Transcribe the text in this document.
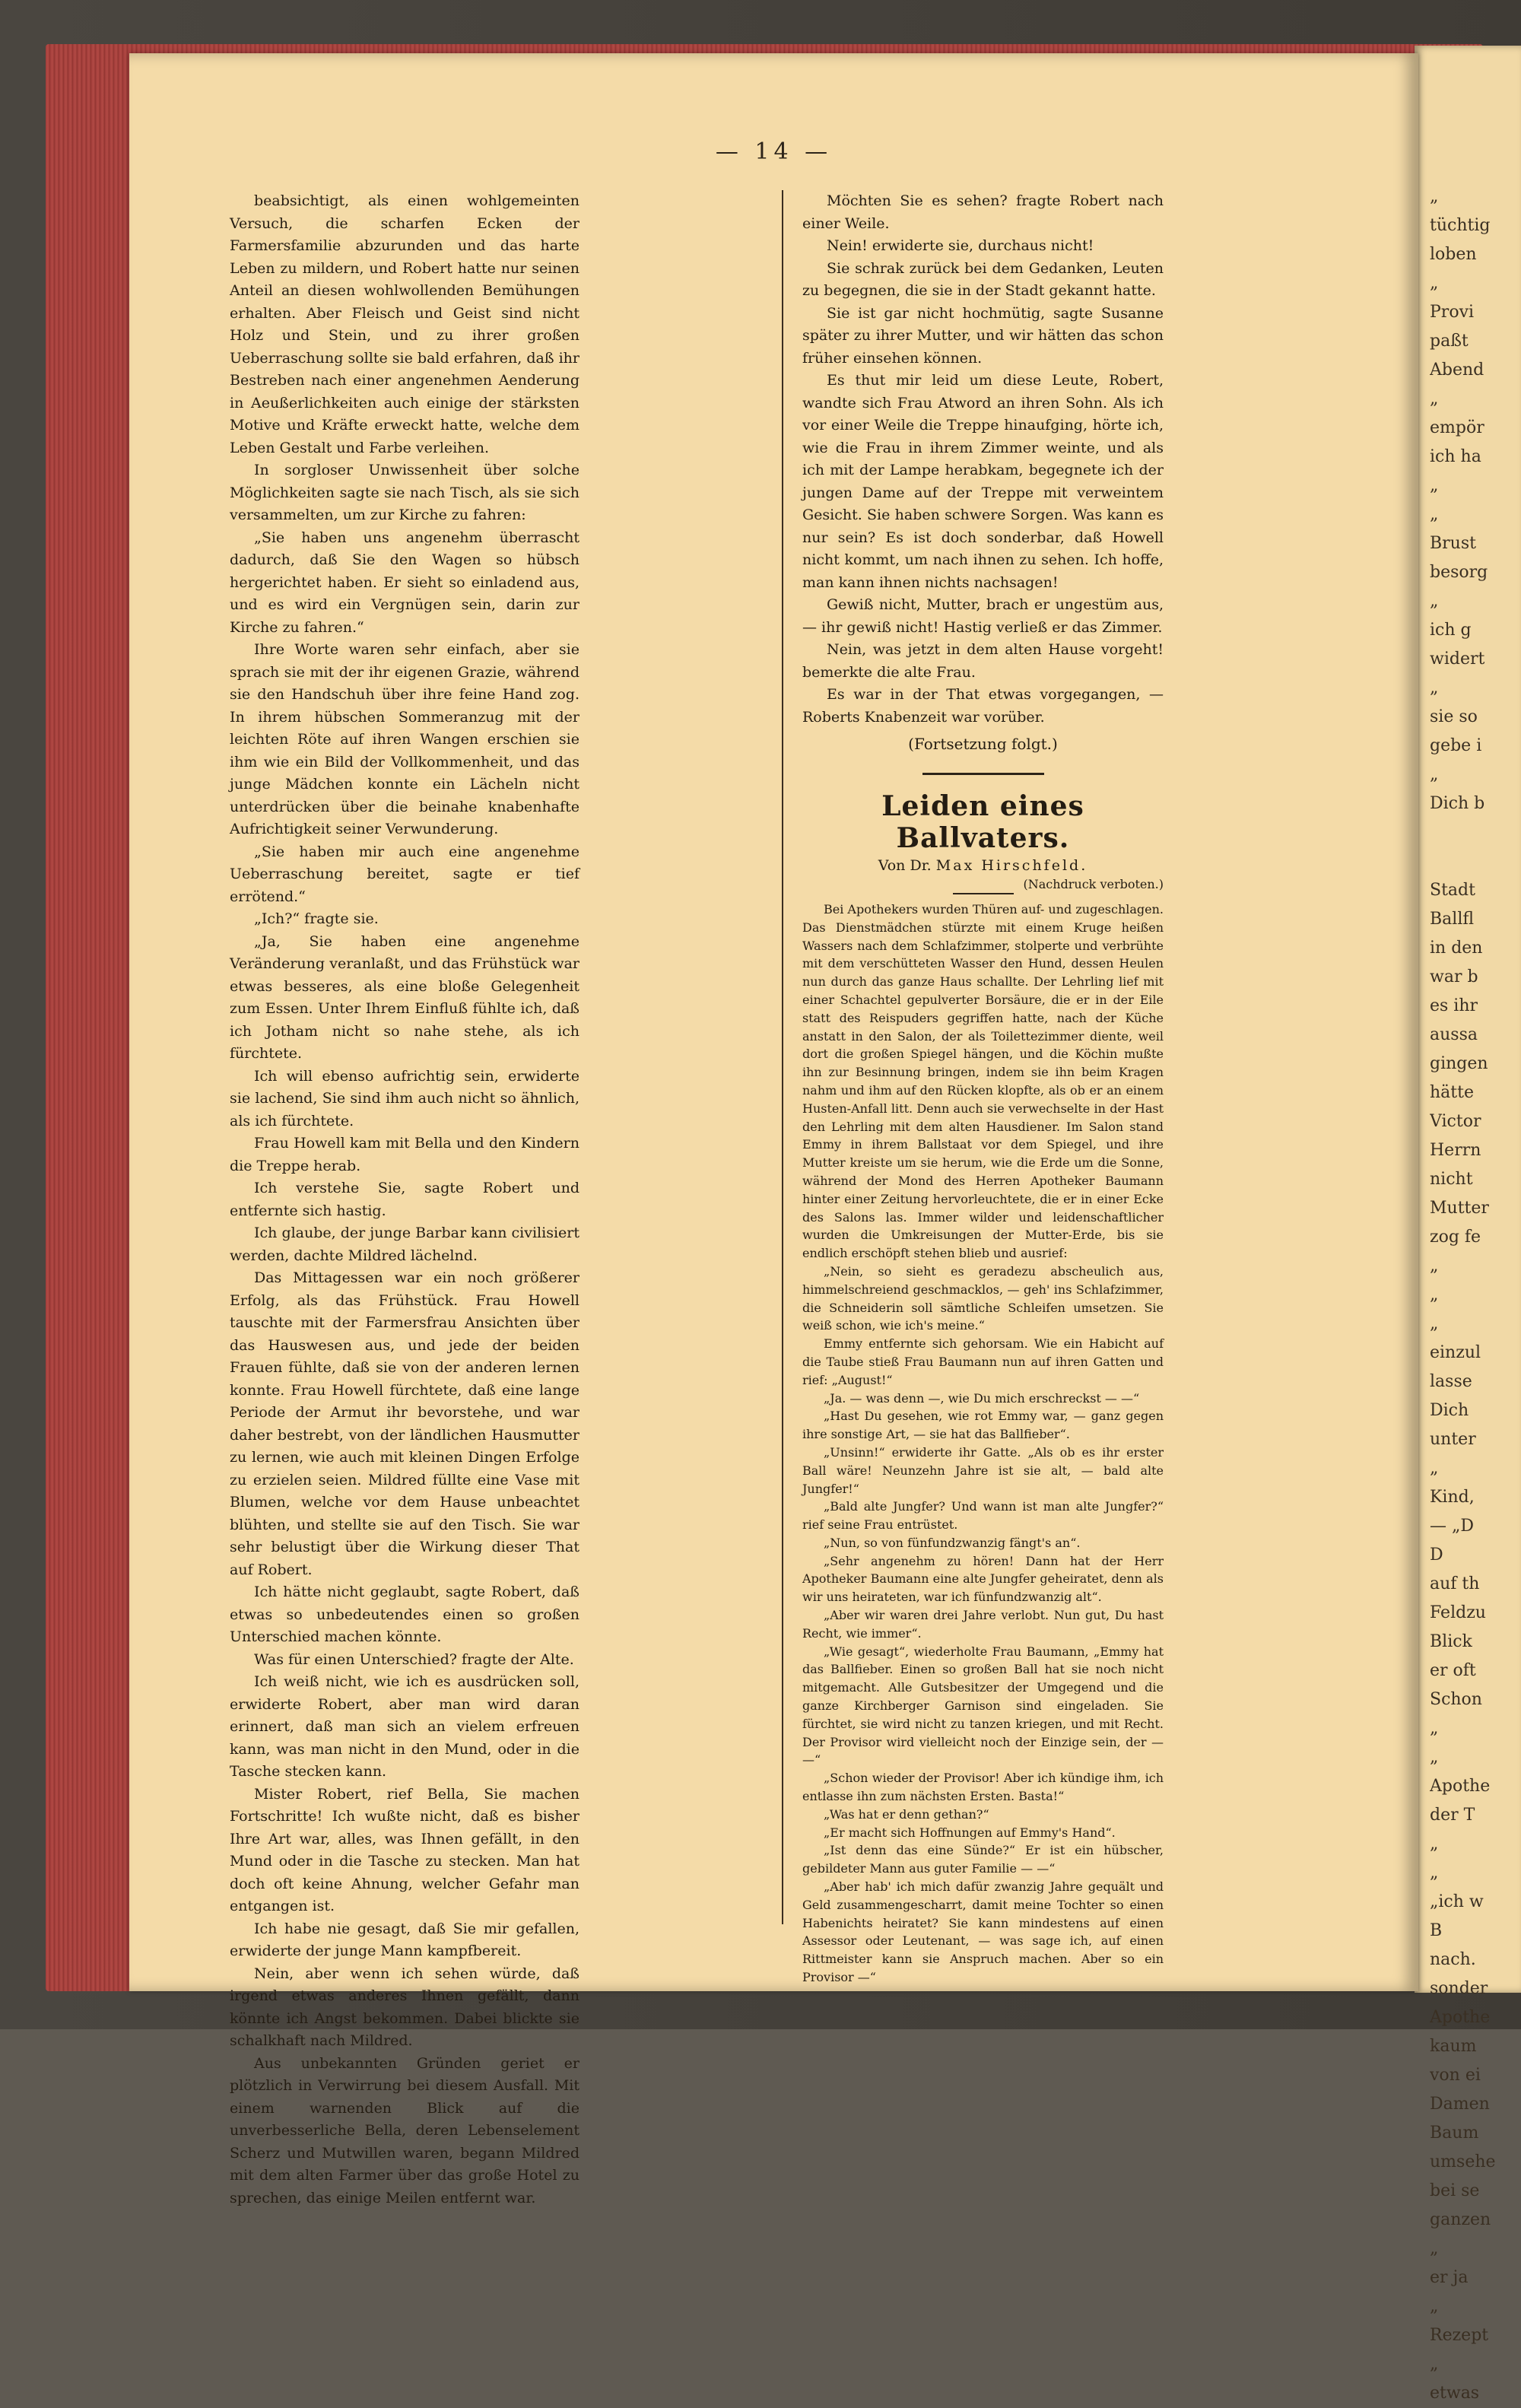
„
tüchtig
loben
„
Provi
paßt
Abend
„
empör
ich ha
„
„
Brust
besorg
„
ich g
widert
„
sie so
gebe i
„
Dich b

Stadt
Ballfl
in den
war b
es ihr
aussa
gingen
hätte
Victor
Herrn
nicht
Mutter
zog fe
„
„
„
einzul
lasse
Dich
unter
„
Kind,
— „D
D
auf th
Feldzu
Blick
er oft
Schon
„
„
Apothe
der T
„
„
„ich w
B
nach.
sonder
Apothe
kaum
von ei
Damen
Baum
umsehe
bei se
ganzen
„
er ja
„
Rezept
„
etwas
— 14 —

beabsichtigt, als einen wohlgemeinten Versuch, die scharfen Ecken der Farmersfamilie abzurunden und das harte Leben zu mildern, und Robert hatte nur seinen Anteil an diesen wohlwollenden Bemühungen erhalten. Aber Fleisch und Geist sind nicht Holz und Stein, und zu ihrer großen Ueberraschung sollte sie bald erfahren, daß ihr Bestreben nach einer angenehmen Aenderung in Aeußerlichkeiten auch einige der stärksten Motive und Kräfte erweckt hatte, welche dem Leben Gestalt und Farbe verleihen.

In sorgloser Unwissenheit über solche Möglichkeiten sagte sie nach Tisch, als sie sich versammelten, um zur Kirche zu fahren:

„Sie haben uns angenehm überrascht dadurch, daß Sie den Wagen so hübsch hergerichtet haben. Er sieht so einladend aus, und es wird ein Vergnügen sein, darin zur Kirche zu fahren.“

Ihre Worte waren sehr einfach, aber sie sprach sie mit der ihr eigenen Grazie, während sie den Handschuh über ihre feine Hand zog. In ihrem hübschen Sommeranzug mit der leichten Röte auf ihren Wangen erschien sie ihm wie ein Bild der Vollkommenheit, und das junge Mädchen konnte ein Lächeln nicht unterdrücken über die beinahe knabenhafte Aufrichtigkeit seiner Verwunderung.

„Sie haben mir auch eine angenehme Ueberraschung bereitet, sagte er tief errötend.“

„Ich?“ fragte sie.

„Ja, Sie haben eine angenehme Veränderung veranlaßt, und das Frühstück war etwas besseres, als eine bloße Gelegenheit zum Essen. Unter Ihrem Einfluß fühlte ich, daß ich Jotham nicht so nahe stehe, als ich fürchtete.

Ich will ebenso aufrichtig sein, erwiderte sie lachend, Sie sind ihm auch nicht so ähnlich, als ich fürchtete.

Frau Howell kam mit Bella und den Kindern die Treppe herab.

Ich verstehe Sie, sagte Robert und entfernte sich hastig.

Ich glaube, der junge Barbar kann civilisiert werden, dachte Mildred lächelnd.

Das Mittagessen war ein noch größerer Erfolg, als das Frühstück. Frau Howell tauschte mit der Farmersfrau Ansichten über das Hauswesen aus, und jede der beiden Frauen fühlte, daß sie von der anderen lernen konnte. Frau Howell fürchtete, daß eine lange Periode der Armut ihr bevorstehe, und war daher bestrebt, von der ländlichen Hausmutter zu lernen, wie auch mit kleinen Dingen Erfolge zu erzielen seien. Mildred füllte eine Vase mit Blumen, welche vor dem Hause unbeachtet blühten, und stellte sie auf den Tisch. Sie war sehr belustigt über die Wirkung dieser That auf Robert.

Ich hätte nicht geglaubt, sagte Robert, daß etwas so unbedeutendes einen so großen Unterschied machen könnte.

Was für einen Unterschied? fragte der Alte.

Ich weiß nicht, wie ich es ausdrücken soll, erwiderte Robert, aber man wird daran erinnert, daß man sich an vielem erfreuen kann, was man nicht in den Mund, oder in die Tasche stecken kann.

Mister Robert, rief Bella, Sie machen Fortschritte! Ich wußte nicht, daß es bisher Ihre Art war, alles, was Ihnen gefällt, in den Mund oder in die Tasche zu stecken. Man hat doch oft keine Ahnung, welcher Gefahr man entgangen ist.

Ich habe nie gesagt, daß Sie mir gefallen, erwiderte der junge Mann kampfbereit.

Nein, aber wenn ich sehen würde, daß irgend etwas anderes Ihnen gefällt, dann könnte ich Angst bekommen. Dabei blickte sie schalkhaft nach Mildred.

Aus unbekannten Gründen geriet er plötzlich in Verwirrung bei diesem Ausfall. Mit einem warnenden Blick auf die unverbesserliche Bella, deren Lebenselement Scherz und Mutwillen waren, begann Mildred mit dem alten Farmer über das große Hotel zu sprechen, das einige Meilen entfernt war.

Möchten Sie es sehen? fragte Robert nach einer Weile.

Nein! erwiderte sie, durchaus nicht!

Sie schrak zurück bei dem Gedanken, Leuten zu begegnen, die sie in der Stadt gekannt hatte.

Sie ist gar nicht hochmütig, sagte Susanne später zu ihrer Mutter, und wir hätten das schon früher einsehen können.

Es thut mir leid um diese Leute, Robert, wandte sich Frau Atword an ihren Sohn. Als ich vor einer Weile die Treppe hinaufging, hörte ich, wie die Frau in ihrem Zimmer weinte, und als ich mit der Lampe herabkam, begegnete ich der jungen Dame auf der Treppe mit verweintem Gesicht. Sie haben schwere Sorgen. Was kann es nur sein? Es ist doch sonderbar, daß Howell nicht kommt, um nach ihnen zu sehen. Ich hoffe, man kann ihnen nichts nachsagen!

Gewiß nicht, Mutter, brach er ungestüm aus, — ihr gewiß nicht! Hastig verließ er das Zimmer.

Nein, was jetzt in dem alten Hause vorgeht! bemerkte die alte Frau.

Es war in der That etwas vorgegangen, — Roberts Knabenzeit war vorüber.

(Fortsetzung folgt.)

Leiden eines Ballvaters.

Von Dr. Max Hirschfeld.

(Nachdruck verboten.)

Bei Apothekers wurden Thüren auf- und zugeschlagen. Das Dienstmädchen stürzte mit einem Kruge heißen Wassers nach dem Schlafzimmer, stolperte und verbrühte mit dem verschütteten Wasser den Hund, dessen Heulen nun durch das ganze Haus schallte. Der Lehrling lief mit einer Schachtel gepulverter Borsäure, die er in der Eile statt des Reispuders gegriffen hatte, nach der Küche anstatt in den Salon, der als Toilettezimmer diente, weil dort die großen Spiegel hängen, und die Köchin mußte ihn zur Besinnung bringen, indem sie ihn beim Kragen nahm und ihm auf den Rücken klopfte, als ob er an einem Husten-Anfall litt. Denn auch sie verwechselte in der Hast den Lehrling mit dem alten Hausdiener. Im Salon stand Emmy in ihrem Ballstaat vor dem Spiegel, und ihre Mutter kreiste um sie herum, wie die Erde um die Sonne, während der Mond des Herren Apotheker Baumann hinter einer Zeitung hervorleuchtete, die er in einer Ecke des Salons las. Immer wilder und leidenschaftlicher wurden die Umkreisungen der Mutter-Erde, bis sie endlich erschöpft stehen blieb und ausrief:

„Nein, so sieht es geradezu abscheulich aus, himmelschreiend geschmacklos, — geh' ins Schlafzimmer, die Schneiderin soll sämtliche Schleifen umsetzen. Sie weiß schon, wie ich's meine.“

Emmy entfernte sich gehorsam. Wie ein Habicht auf die Taube stieß Frau Baumann nun auf ihren Gatten und rief: „August!“

„Ja. — was denn —, wie Du mich erschreckst — —“

„Hast Du gesehen, wie rot Emmy war, — ganz gegen ihre sonstige Art, — sie hat das Ballfieber“.

„Unsinn!“ erwiderte ihr Gatte. „Als ob es ihr erster Ball wäre! Neunzehn Jahre ist sie alt, — bald alte Jungfer!“

„Bald alte Jungfer? Und wann ist man alte Jungfer?“ rief seine Frau entrüstet.

„Nun, so von fünfundzwanzig fängt's an“.

„Sehr angenehm zu hören! Dann hat der Herr Apotheker Baumann eine alte Jungfer geheiratet, denn als wir uns heirateten, war ich fünfundzwanzig alt“.

„Aber wir waren drei Jahre verlobt. Nun gut, Du hast Recht, wie immer“.

„Wie gesagt“, wiederholte Frau Baumann, „Emmy hat das Ballfieber. Einen so großen Ball hat sie noch nicht mitgemacht. Alle Gutsbesitzer der Umgegend und die ganze Kirchberger Garnison sind eingeladen. Sie fürchtet, sie wird nicht zu tanzen kriegen, und mit Recht. Der Provisor wird vielleicht noch der Einzige sein, der — —“

„Schon wieder der Provisor! Aber ich kündige ihm, ich entlasse ihn zum nächsten Ersten. Basta!“

„Was hat er denn gethan?“

„Er macht sich Hoffnungen auf Emmy's Hand“.

„Ist denn das eine Sünde?“ Er ist ein hübscher, gebildeter Mann aus guter Familie — —“

„Aber hab' ich mich dafür zwanzig Jahre gequält und Geld zusammengescharrt, damit meine Tochter so einen Habenichts heiratet? Sie kann mindestens auf einen Assessor oder Leutenant, — was sage ich, auf einen Rittmeister kann sie Anspruch machen. Aber so ein Provisor —“
